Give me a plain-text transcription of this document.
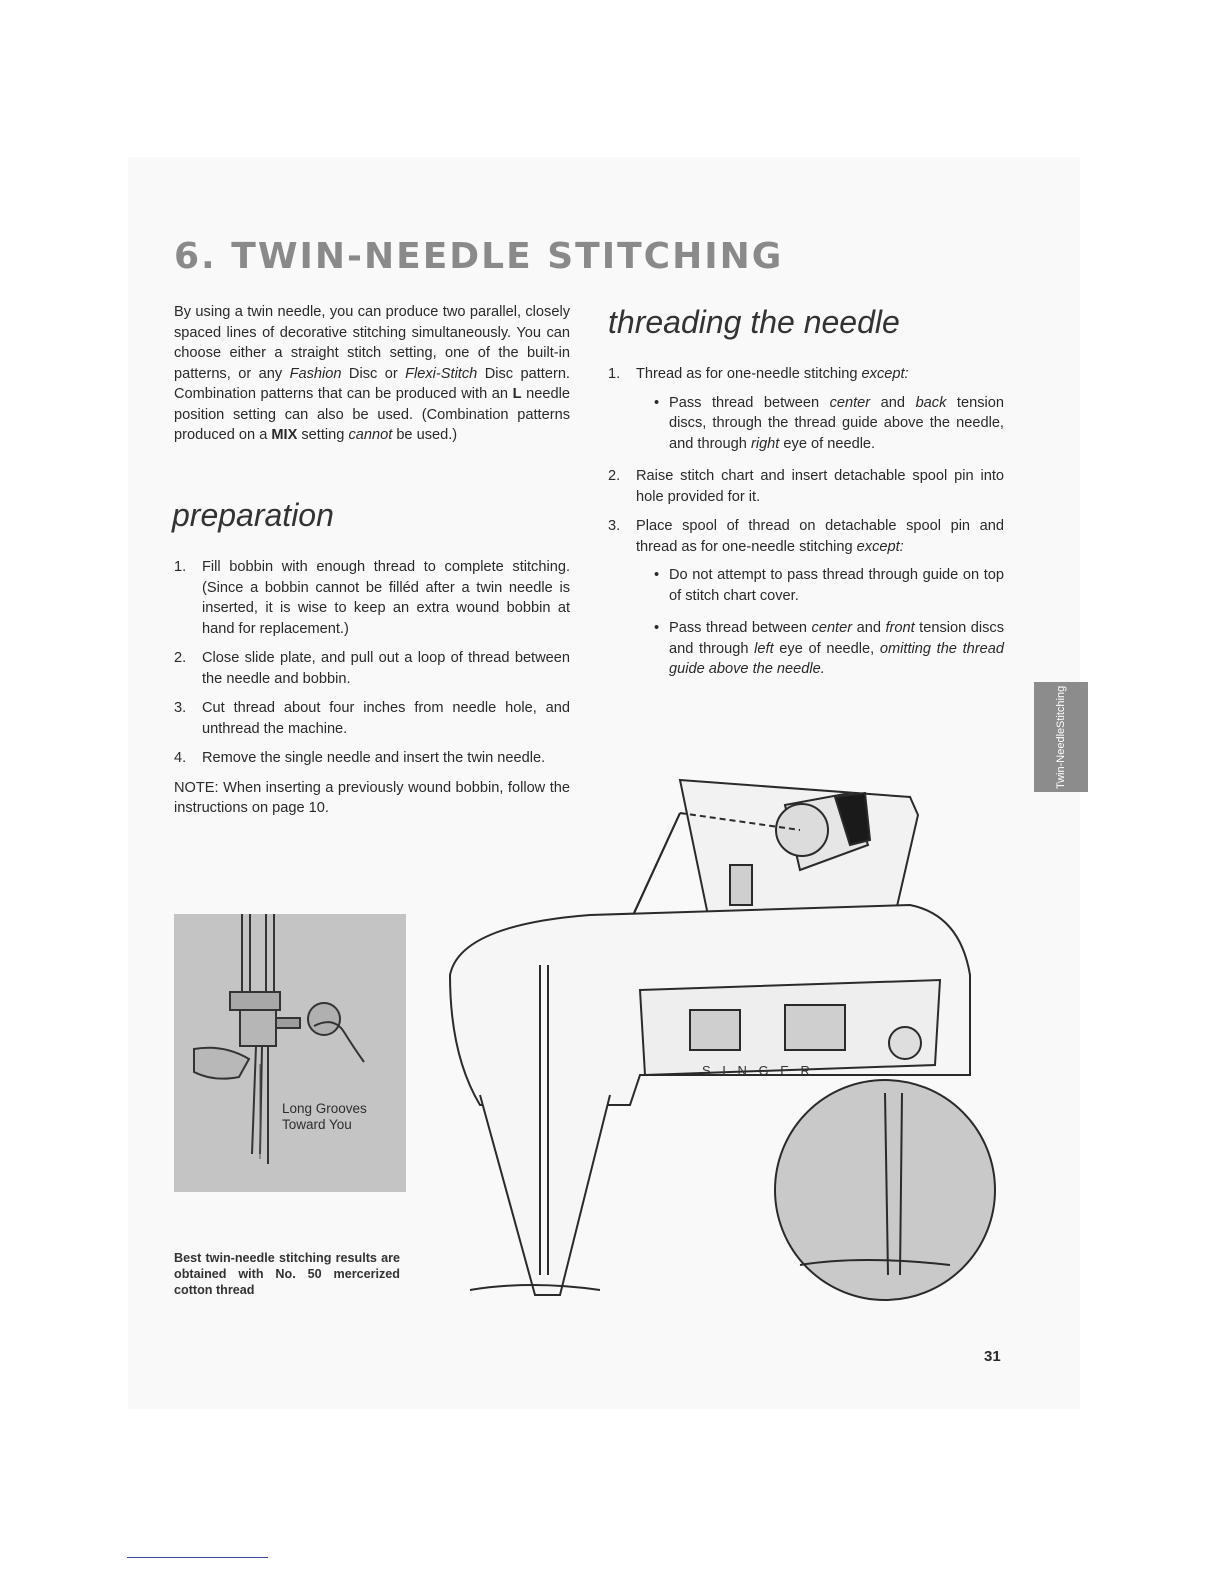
6. TWIN-NEEDLE STITCHING

By using a twin needle, you can produce two parallel, closely spaced lines of decorative stitching simultaneously. You can choose either a straight stitch setting, one of the built-in patterns, or any Fashion Disc or Flexi-Stitch Disc pattern. Combination patterns that can be produced with an L needle position setting can also be used. (Combination patterns produced on a MIX setting cannot be used.)

preparation
1. Fill bobbin with enough thread to complete stitching. (Since a bobbin cannot be filléd after a twin needle is inserted, it is wise to keep an extra wound bobbin at hand for replacement.)
2. Close slide plate, and pull out a loop of thread between the needle and bobbin.
3. Cut thread about four inches from needle hole, and unthread the machine.
4. Remove the single needle and insert the twin needle.

NOTE: When inserting a previously wound bobbin, follow the instructions on page 10.

threading the needle
1. Thread as for one-needle stitching except:
• Pass thread between center and back tension discs, through the thread guide above the needle, and through right eye of needle.
2. Raise stitch chart and insert detachable spool pin into hole provided for it.
3. Place spool of thread on detachable spool pin and thread as for one-needle stitching except:
• Do not attempt to pass thread through guide on top of stitch chart cover.
• Pass thread between center and front tension discs and through left eye of needle, omitting the thread guide above the needle.
Twin-Needle

Stitching
Long Grooves
Toward You

Best twin-needle stitching results are obtained with No. 50 mercerized cotton thread

S I N G E R
31
